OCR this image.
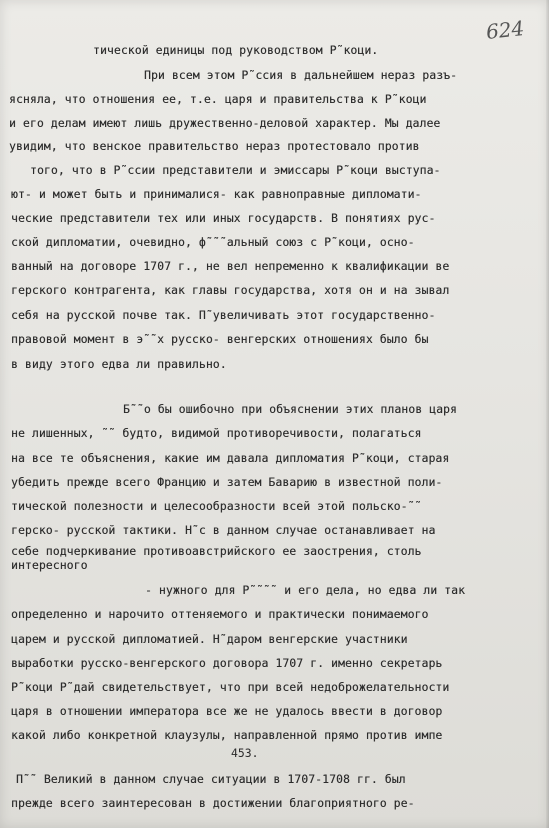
624
тической единицы под руководством Р˜коци.
При всем этом Р˜ссия в дальнейшем нераз разъ-
ясняла, что отношения ее, т.е. царя и правительства к Р˜коци
и его делам имеют лишь дружественно-деловой характер. Мы далее
увидим, что венское правительство нераз протестовало против
того, что в Р˜ссии представители и эмиссары Р˜коци выступа-
ют- и может быть и принималися- как равноправные дипломати-
ческие представители тех или иных государств. В понятиях рус-
ской дипломатии, очевидно, ф˜˜˜альный союз с Р˜коци, осно-
ванный на договоре 1707 г., не вел непременно к квалификации ве
герского контрагента, как главы государства, хотя он и на зывал
себя на русской почве так. П˜увеличивать этот государственно-
правовой момент в э˜˜х русско- венгерских отношениях было бы
в виду этого едва ли правильно.
Б˜˜о бы ошибочно при объяснении этих планов царя
не лишенных, ˜˜ будто, видимой противоречивости, полагаться
на все те объяснения, какие им давала дипломатия Р˜коци, старая
убедить прежде всего Францию и затем Баварию в известной поли-
тической полезности и целесообразности всей этой польско-˜˜
герско- русской тактики. Н˜с в данном случае останавливает на
себе подчеркивание противоавстрийского ее заострения, столь
интересного
- нужного для Р˜˜˜˜ и его дела, но едва ли так
определенно и нарочито оттеняемого и практически понимаемого
царем и русской дипломатией. Н˜даром венгерские участники
выработки русско-венгерского договора 1707 г. именно секретарь
Р˜коци Р˜дай свидетельствует, что при всей недоброжелательности
царя в отношении императора все же не удалось ввести в договор
какой либо конкретной клаузулы, направленной прямо против импе
453.
П˜˜ Великий в данном случае ситуации в 1707-1708 гг. был
прежде всего заинтересован в достижении благоприятного ре-
